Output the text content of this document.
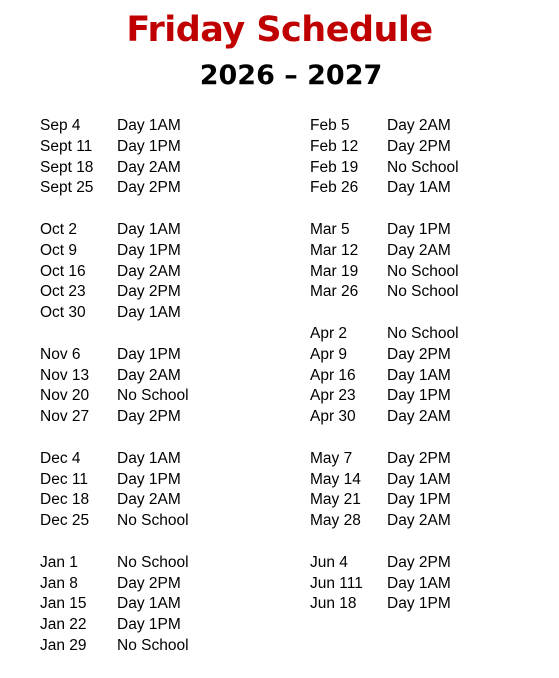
Friday Schedule
2026 – 2027
Sep 4 Day 1AM
Sept 11 Day 1PM
Sept 18 Day 2AM
Sept 25 Day 2PM
Oct 2	Day 1AM
Oct 9	Day 1PM
Oct 16 Day 2AM
Oct 23 Day 2PM
Oct 30 Day 1AM
Nov 6 Day 1PM
Nov 13 Day 2AM
Nov 20 No School
Nov 27 Day 2PM
Dec 4 Day 1AM
Dec 11 Day 1PM
Dec 18 Day 2AM
Dec 25 No School
Jan 1	No School
Jan 8	Day 2PM
Jan 15 Day 1AM
Jan 22 Day 1PM
Jan 29 No School
Feb 5 Day 2AM
Feb 12 Day 2PM
Feb 19 No School
Feb 26 Day 1AM
Mar 5 Day 1PM
Mar 12 Day 2AM
Mar 19 No School
Mar 26 No School
Apr 2	No School
Apr 9	Day 2PM
Apr 16 Day 1AM
Apr 23 Day 1PM
Apr 30 Day 2AM
May 7 Day 2PM
May 14 Day 1AM
May 21 Day 1PM
May 28 Day 2AM
Jun 4	Day 2PM
Jun 111 Day 1AM
Jun 18 Day 1PM
